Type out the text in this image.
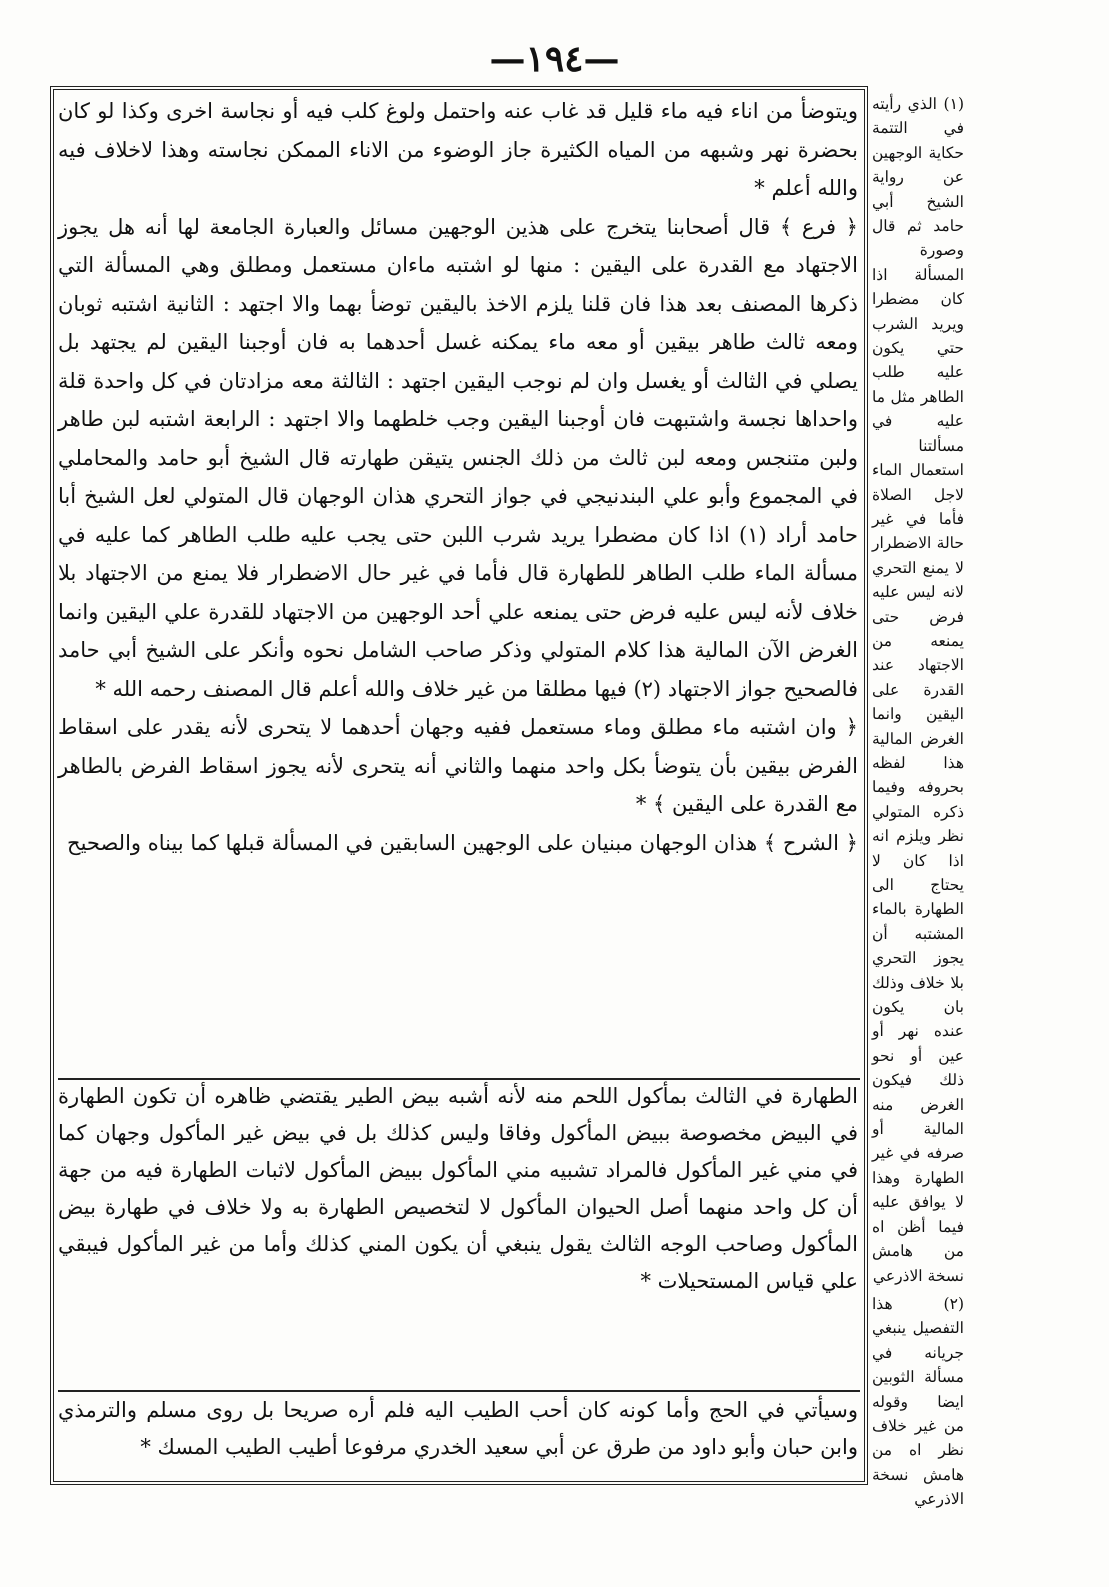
—١٩٤—

ويتوضأ من اناء فيه ماء قليل قد غاب عنه واحتمل ولوغ كلب فيه أو نجاسة اخرى وكذا لو كان بحضرة نهر وشبهه من المياه الكثيرة جاز الوضوء من الاناء الممكن نجاسته وهذا لاخلاف فيه والله أعلم *

﴿ فرع ﴾ قال أصحابنا يتخرج على هذين الوجهين مسائل والعبارة الجامعة لها أنه هل يجوز الاجتهاد مع القدرة على اليقين : منها لو اشتبه ماءان مستعمل ومطلق وهي المسألة التي ذكرها المصنف بعد هذا فان قلنا يلزم الاخذ باليقين توضأ بهما والا اجتهد : الثانية اشتبه ثوبان ومعه ثالث طاهر بيقين أو معه ماء يمكنه غسل أحدهما به فان أوجبنا اليقين لم يجتهد بل يصلي في الثالث أو يغسل وان لم نوجب اليقين اجتهد : الثالثة معه مزادتان في كل واحدة قلة واحداها نجسة واشتبهت فان أوجبنا اليقين وجب خلطهما والا اجتهد : الرابعة اشتبه لبن طاهر ولبن متنجس ومعه لبن ثالث من ذلك الجنس يتيقن طهارته قال الشيخ أبو حامد والمحاملي في المجموع وأبو علي البندنيجي في جواز التحري هذان الوجهان قال المتولي لعل الشيخ أبا حامد أراد (١) اذا كان مضطرا يريد شرب اللبن حتى يجب عليه طلب الطاهر كما عليه في مسألة الماء طلب الطاهر للطهارة قال فأما في غير حال الاضطرار فلا يمنع من الاجتهاد بلا خلاف لأنه ليس عليه فرض حتى يمنعه علي أحد الوجهين من الاجتهاد للقدرة علي اليقين وانما الغرض الآن المالية هذا كلام المتولي وذكر صاحب الشامل نحوه وأنكر على الشيخ أبي حامد فالصحيح جواز الاجتهاد (٢) فيها مطلقا من غير خلاف والله أعلم قال المصنف رحمه الله *

﴿ وان اشتبه ماء مطلق وماء مستعمل ففيه وجهان أحدهما لا يتحرى لأنه يقدر على اسقاط الفرض بيقين بأن يتوضأ بكل واحد منهما والثاني أنه يتحرى لأنه يجوز اسقاط الفرض بالطاهر مع القدرة على اليقين ﴾ *

﴿ الشرح ﴾ هذان الوجهان مبنيان على الوجهين السابقين في المسألة قبلها كما بيناه والصحيح

الطهارة في الثالث بمأكول اللحم منه لأنه أشبه بيض الطير يقتضي ظاهره أن تكون الطهارة في البيض مخصوصة ببيض المأكول وفاقا وليس كذلك بل في بيض غير المأكول وجهان كما في مني غير المأكول فالمراد تشبيه مني المأكول ببيض المأكول لاثبات الطهارة فيه من جهة أن كل واحد منهما أصل الحيوان المأكول لا لتخصيص الطهارة به ولا خلاف في طهارة بيض المأكول وصاحب الوجه الثالث يقول ينبغي أن يكون المني كذلك وأما من غير المأكول فيبقي علي قياس المستحيلات *

وسيأتي في الحج وأما كونه كان أحب الطيب اليه فلم أره صريحا بل روى مسلم والترمذي وابن حبان وأبو داود من طرق عن أبي سعيد الخدري مرفوعا أطيب الطيب المسك *

(١) الذي رأيته في التتمة حكاية الوجهين عن رواية الشيخ أبي حامد ثم قال وصورة المسألة اذا كان مضطرا ويريد الشرب حتي يكون عليه طلب الطاهر مثل ما عليه في مسألتنا استعمال الماء لاجل الصلاة فأما في غير حالة الاضطرار لا يمنع التحري لانه ليس عليه فرض حتى يمنعه من الاجتهاد عند القدرة على اليقين وانما الغرض المالية هذا لفظه بحروفه وفيما ذكره المتولي نظر ويلزم انه اذا كان لا يحتاج الى الطهارة بالماء المشتبه أن يجوز التحري بلا خلاف وذلك بان يكون عنده نهر أو عين أو نحو ذلك فيكون الغرض منه المالية أو صرفه في غير الطهارة وهذا لا يوافق عليه فيما أظن اه من هامش نسخة الاذرعي

(٢) هذا التفصيل ينبغي جريانه في مسألة الثوبين ايضا وقوله من غير خلاف نظر اه من هامش نسخة الاذرعي
